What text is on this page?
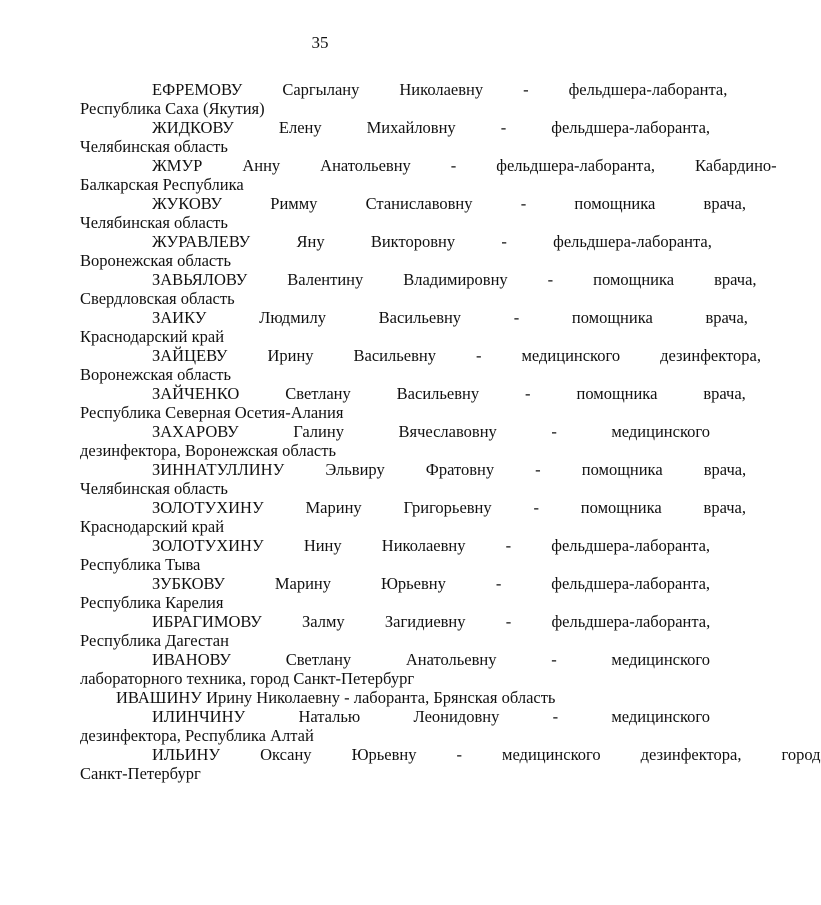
35
ЕФРЕМОВУ Саргылану Николаевну - фельдшера-лаборанта,
Республика Саха (Якутия)
ЖИДКОВУ	Елену	Михайловну	-	фельдшера-лаборанта,
Челябинская область
ЖМУР Анну Анатольевну - фельдшера-лаборанта, Кабардино-
Балкарская Республика
ЖУКОВУ	Римму	Станиславовну	-	помощника	врача,
Челябинская область
ЖУРАВЛЕВУ	Яну	Викторовну	-	фельдшера-лаборанта,
Воронежская область
ЗАВЬЯЛОВУ Валентину Владимировну - помощника врача,
Свердловская область
ЗАИКУ	Людмилу	Васильевну	-	помощника	врача,
Краснодарский край
ЗАЙЦЕВУ Ирину Васильевну - медицинского дезинфектора,
Воронежская область
ЗАЙЧЕНКО	Светлану	Васильевну	-	помощника	врача,
Республика Северная Осетия-Алания
ЗАХАРОВУ	Галину	Вячеславовну	-	медицинского
дезинфектора, Воронежская область
ЗИННАТУЛЛИНУ Эльвиру Фратовну - помощника врача,
Челябинская область
ЗОЛОТУХИНУ	Марину	Григорьевну	-	помощника	врача,
Краснодарский край
ЗОЛОТУХИНУ Нину Николаевну - фельдшера-лаборанта,
Республика Тыва
ЗУБКОВУ	Марину	Юрьевну	-	фельдшера-лаборанта,
Республика Карелия
ИБРАГИМОВУ Залму Загидиевну - фельдшера-лаборанта,
Республика Дагестан
ИВАНОВУ	Светлану	Анатольевну	-	медицинского
лабораторного техника, город Санкт-Петербург
ИВАШИНУ Ирину Николаевну - лаборанта, Брянская область
ИЛИНЧИНУ	Наталью	Леонидовну	-	медицинского
дезинфектора, Республика Алтай
ИЛЬИНУ Оксану Юрьевну - медицинского дезинфектора, город
Санкт-Петербург
